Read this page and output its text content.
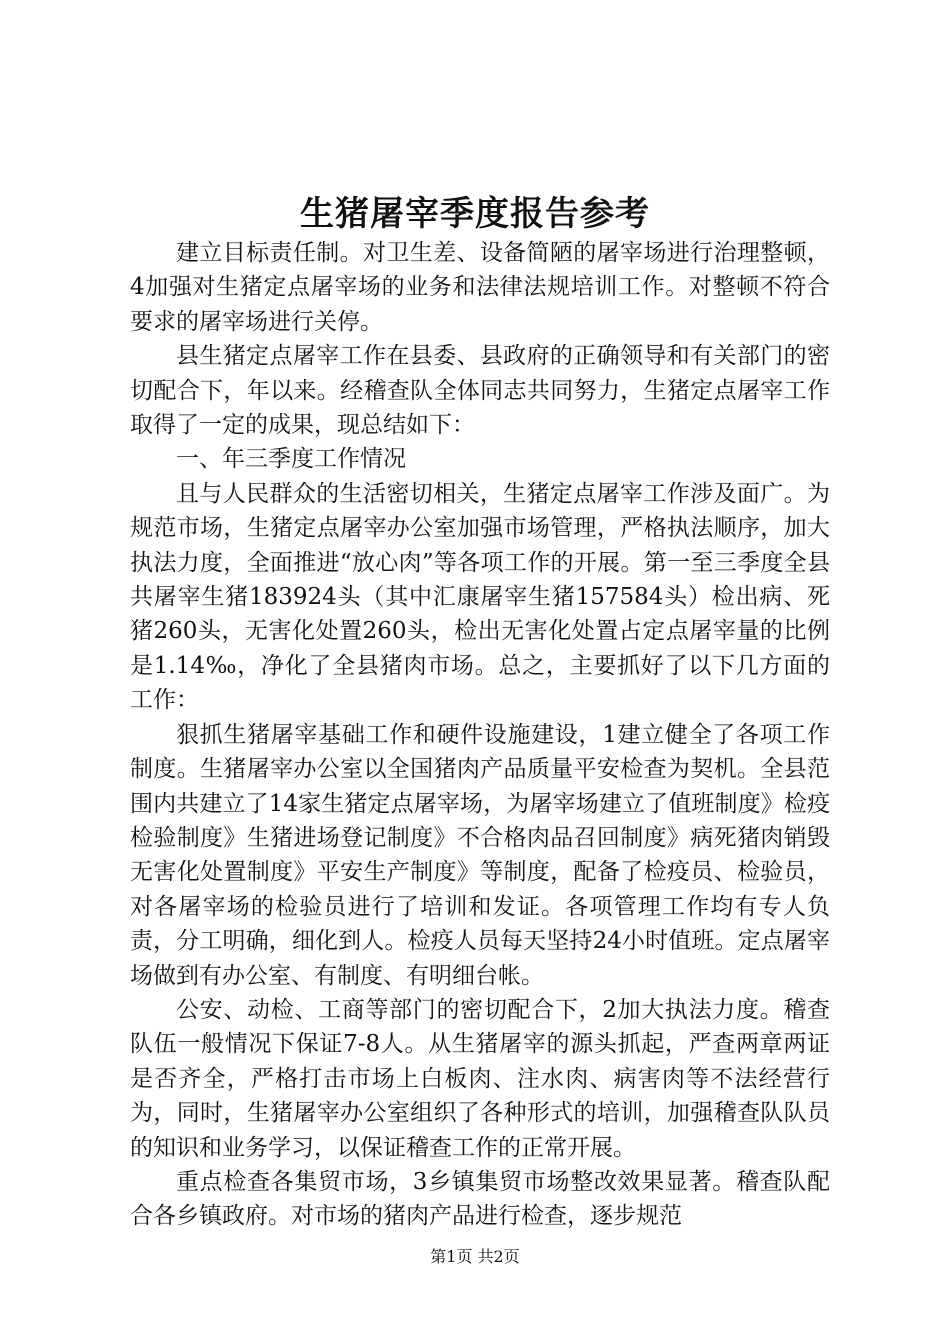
生猪屠宰季度报告参考

建立目标责任制。对卫生差、设备简陋的屠宰场进行治理整顿，4加强对生猪定点屠宰场的业务和法律法规培训工作。对整顿不符合要求的屠宰场进行关停。

县生猪定点屠宰工作在县委、县政府的正确领导和有关部门的密切配合下，年以来。经稽查队全体同志共同努力，生猪定点屠宰工作取得了一定的成果，现总结如下：

一、年三季度工作情况

且与人民群众的生活密切相关，生猪定点屠宰工作涉及面广。为规范市场，生猪定点屠宰办公室加强市场管理，严格执法顺序，加大执法力度，全面推进“放心肉”等各项工作的开展。第一至三季度全县共屠宰生猪183924头（其中汇康屠宰生猪157584头）检出病、死猪260头，无害化处置260头，检出无害化处置占定点屠宰量的比例是1.14‰，净化了全县猪肉市场。总之，主要抓好了以下几方面的工作：

狠抓生猪屠宰基础工作和硬件设施建设，1建立健全了各项工作制度。生猪屠宰办公室以全国猪肉产品质量平安检查为契机。全县范围内共建立了14家生猪定点屠宰场，为屠宰场建立了值班制度》检疫检验制度》生猪进场登记制度》不合格肉品召回制度》病死猪肉销毁无害化处置制度》平安生产制度》等制度，配备了检疫员、检验员，对各屠宰场的检验员进行了培训和发证。各项管理工作均有专人负责，分工明确，细化到人。检疫人员每天坚持24小时值班。定点屠宰场做到有办公室、有制度、有明细台帐。

公安、动检、工商等部门的密切配合下，2加大执法力度。稽查队伍一般情况下保证7-8人。从生猪屠宰的源头抓起，严查两章两证是否齐全，严格打击市场上白板肉、注水肉、病害肉等不法经营行为，同时，生猪屠宰办公室组织了各种形式的培训，加强稽查队队员的知识和业务学习，以保证稽查工作的正常开展。

重点检查各集贸市场，3乡镇集贸市场整改效果显著。稽查队配合各乡镇政府。对市场的猪肉产品进行检查，逐步规范

第1页 共2页
